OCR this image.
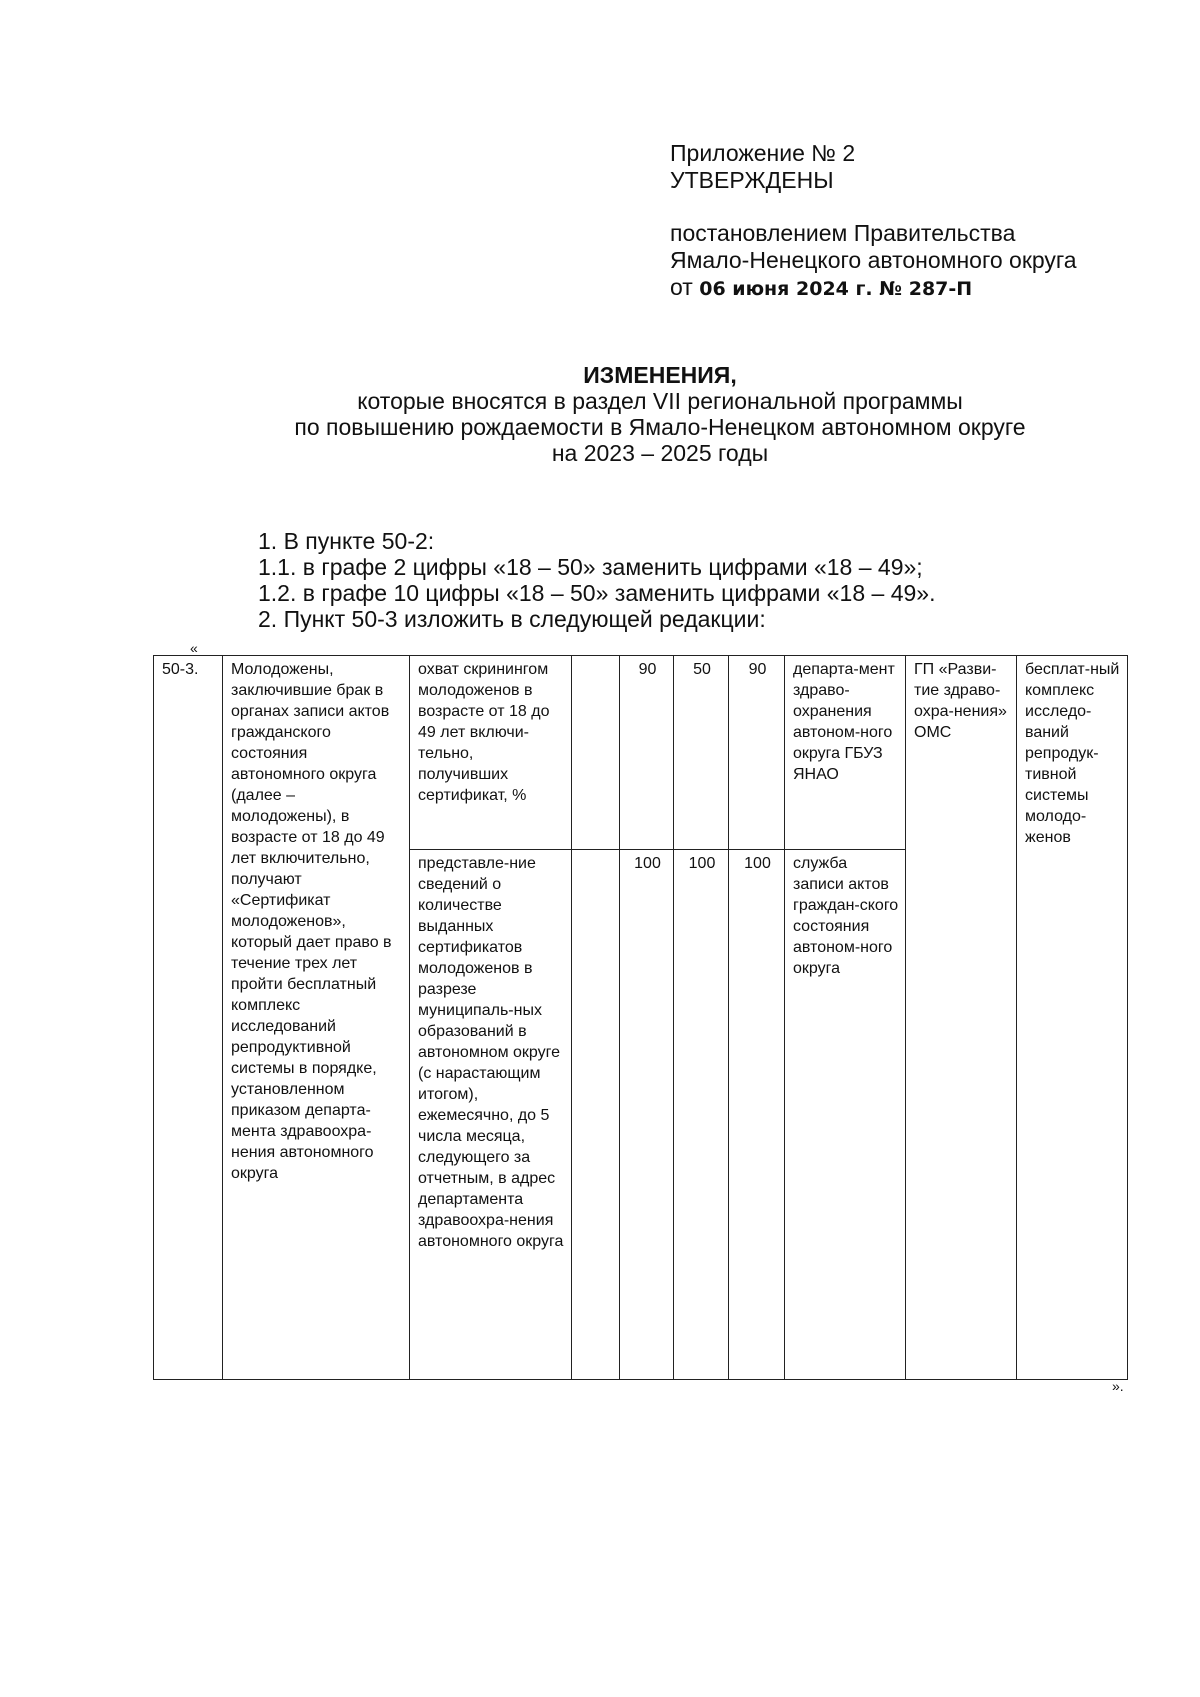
Приложение № 2

УТВЕРЖДЕНЫ

постановлением Правительства

Ямало-Ненецкого автономного округа

от 06 июня 2024 г. № 287-П

ИЗМЕНЕНИЯ,
которые вносятся в раздел VII региональной программы
по повышению рождаемости в Ямало-Ненецком автономном округе
на 2023 – 2025 годы

1. В пункте 50-2:

1.1. в графе 2 цифры «18 – 50» заменить цифрами «18 – 49»;

1.2. в графе 10 цифры «18 – 50» заменить цифрами «18 – 49».

2. Пункт 50-3 изложить в следующей редакции:

«
50-3.	Молодожены, заключившие брак в органах записи актов гражданского состояния автономного округа (далее – молодожены), в возрасте от 18 до 49 лет включительно, получают «Сертификат молодоженов», который дает право в течение трех лет пройти бесплатный комплекс исследований репродуктивной системы в порядке, установленном приказом департа-мента здравоохра-нения автономного округа	охват скринингом молодоженов в возрасте от 18 до 49 лет включи-тельно, получивших сертификат, %		90	50	90	департа-мент здраво-охранения автоном-ного округа ГБУЗ ЯНАО	ГП «Разви-тие здраво-охра-нения» ОМС	бесплат-ный комплекс исследо-ваний репродук-тивной системы молодо-женов
		представле-ние сведений о количестве выданных сертификатов молодоженов в разрезе муниципаль-ных образований в автономном округе (с нарастающим итогом), ежемесячно, до 5 числа месяца, следующего за отчетным, в адрес департамента здравоохра-нения автономного округа		100	100	100	служба записи актов граждан-ского состояния автоном-ного округа		
».
